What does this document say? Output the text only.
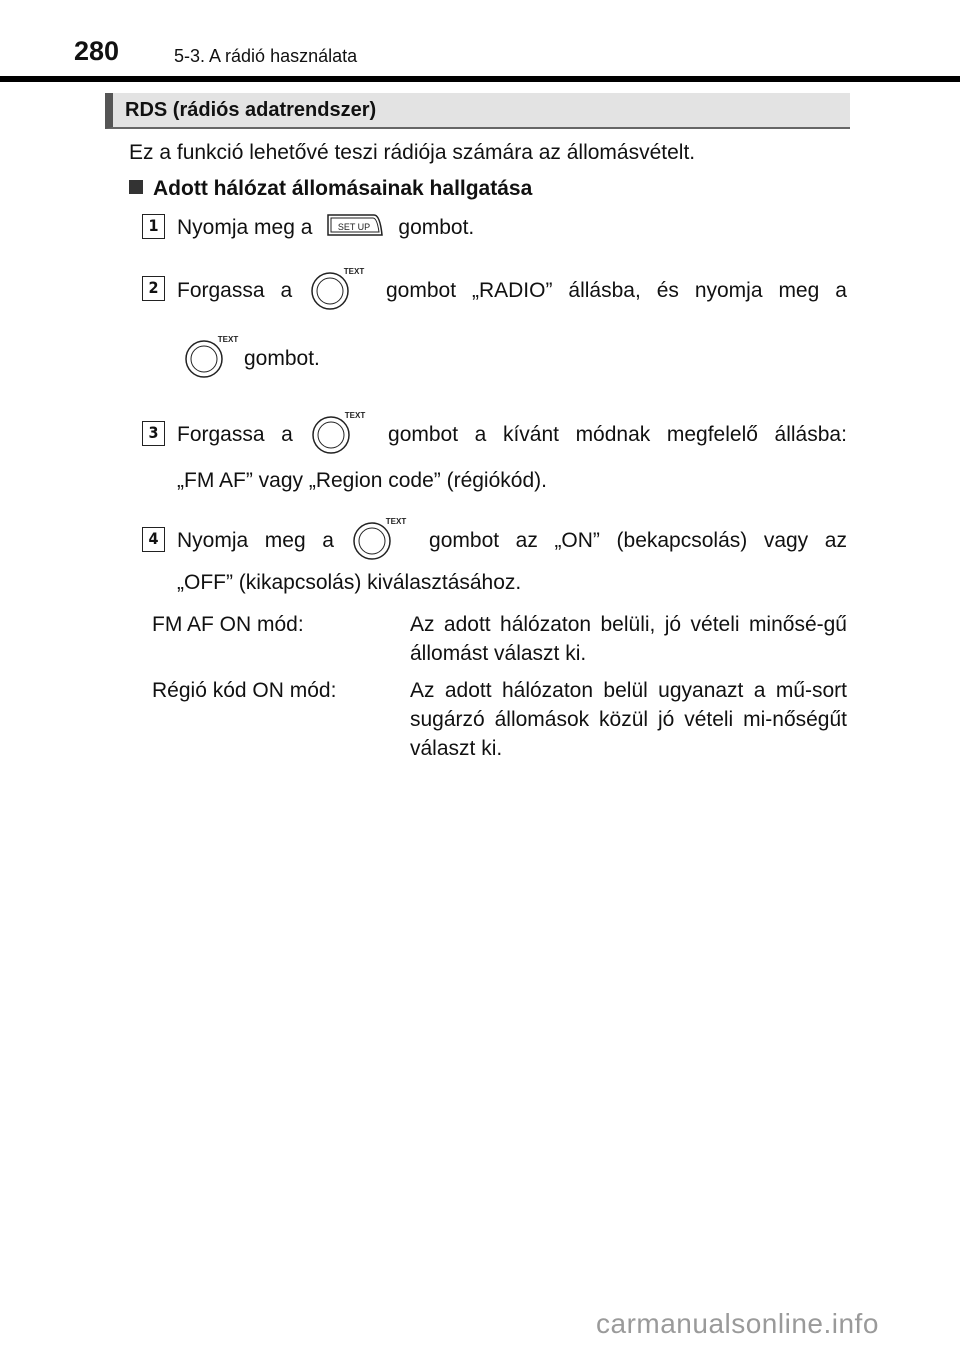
280	5-3. A rádió használata
RDS (rádiós adatrendszer)
Ez a funkció lehetővé teszi rádiója számára az állomásvételt.
Adott hálózat állomásainak hallgatása
1 Nyomja meg a	SET UP gombot.
2 Forgassa a
TEXT
gombot „RADIO” állásba, és nyomja meg a
TEXT
gombot.
3 Forgassa a
TEXT
gombot a kívánt módnak megfelelő állásba:
„FM AF” vagy „Region code” (régiókód).
4 Nyomja meg a
TEXT
gombot az „ON” (bekapcsolás) vagy az
„OFF” (kikapcsolás) kiválasztásához.
FM AF ON mód:	Az adott hálózaton belüli, jó vételi minősé-gű állomást választ ki.
Régió kód ON mód:	Az adott hálózaton belül ugyanazt a mű-sort sugárzó állomások közül jó vételi mi-nőségűt választ ki.
carmanualsonline.info
